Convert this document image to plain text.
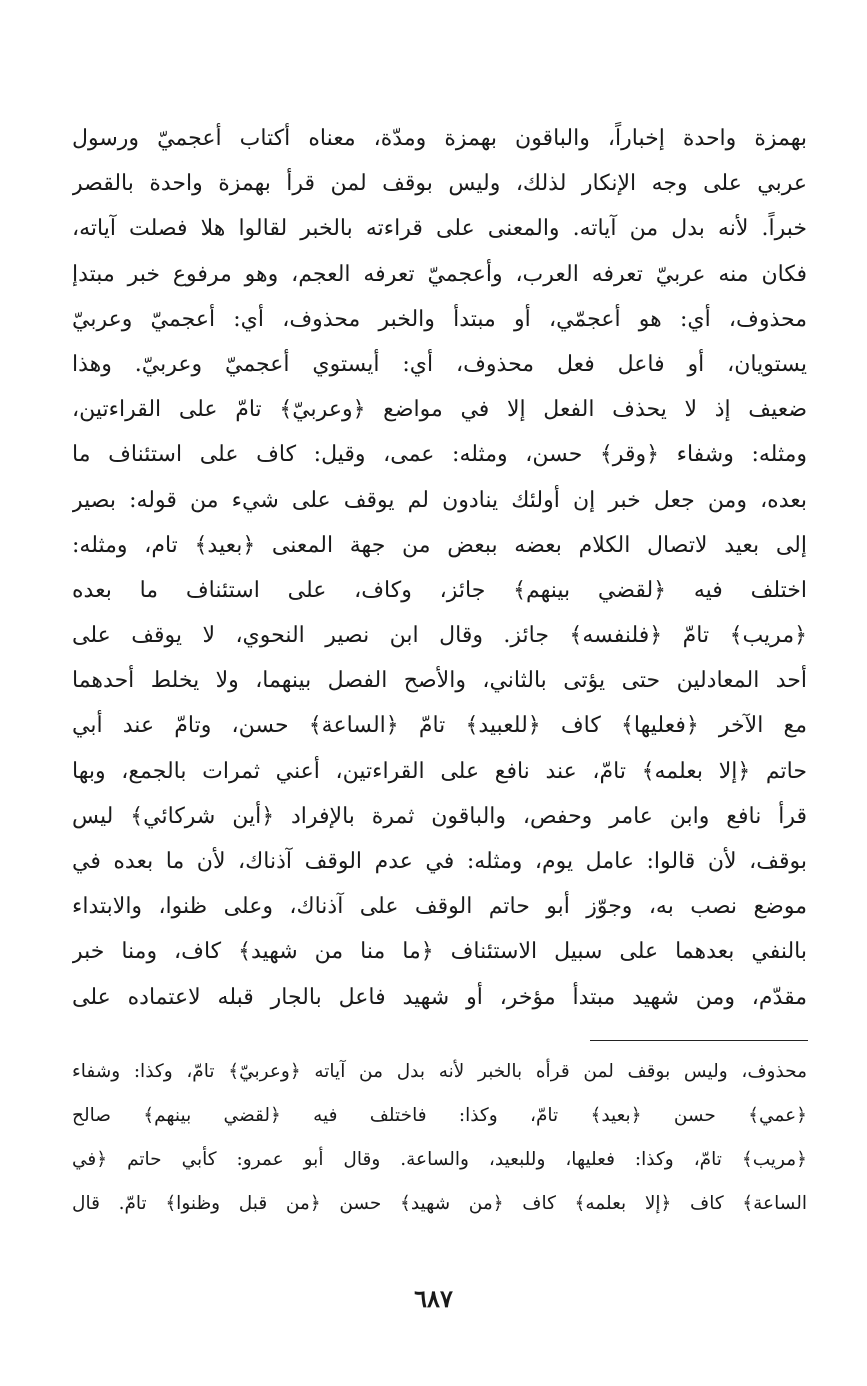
بهمزة واحدة إخباراً، والباقون بهمزة ومدّة، معناه أكتاب أعجميّ ورسول
عربي على وجه الإنكار لذلك، وليس بوقف لمن قرأ بهمزة واحدة بالقصر
خبراً. لأنه بدل من آياته. والمعنى على قراءته بالخبر لقالوا هلا فصلت آياته،
فكان منه عربيّ تعرفه العرب، وأعجميّ تعرفه العجم، وهو مرفوع خبر مبتدإ
محذوف، أي: هو أعجمّي، أو مبتدأ والخبر محذوف، أي: أعجميّ وعربيّ
يستويان، أو فاعل فعل محذوف، أي: أيستوي أعجميّ وعربيّ. وهذا
ضعيف إذ لا يحذف الفعل إلا في مواضع ﴿وعربيّ﴾ تامّ على القراءتين،
ومثله: وشفاء ﴿وقر﴾ حسن، ومثله: عمى، وقيل: كاف على استئناف ما
بعده، ومن جعل خبر إن أولئك ينادون لم يوقف على شيء من قوله: بصير
إلى بعيد لاتصال الكلام بعضه ببعض من جهة المعنى ﴿بعيد﴾ تام، ومثله:
اختلف فيه ﴿لقضي بينهم﴾ جائز، وكاف، على استئناف ما بعده
﴿مريب﴾ تامّ ﴿فلنفسه﴾ جائز. وقال ابن نصير النحوي، لا يوقف على
أحد المعادلين حتى يؤتى بالثاني، والأصح الفصل بينهما، ولا يخلط أحدهما
مع الآخر ﴿فعليها﴾ كاف ﴿للعبيد﴾ تامّ ﴿الساعة﴾ حسن، وتامّ عند أبي
حاتم ﴿إلا بعلمه﴾ تامّ، عند نافع على القراءتين، أعني ثمرات بالجمع، وبها
قرأ نافع وابن عامر وحفص، والباقون ثمرة بالإفراد ﴿أين شركائي﴾ ليس
بوقف، لأن قالوا: عامل يوم، ومثله: في عدم الوقف آذناك، لأن ما بعده في
موضع نصب به، وجوّز أبو حاتم الوقف على آذناك، وعلى ظنوا، والابتداء
بالنفي بعدهما على سبيل الاستئناف ﴿ما منا من شهيد﴾ كاف، ومنا خبر
مقدّم، ومن شهيد مبتدأ مؤخر، أو شهيد فاعل بالجار قبله لاعتماده على
محذوف، وليس بوقف لمن قرأه بالخبر لأنه بدل من آياته ﴿وعربيّ﴾ تامّ، وكذا: وشفاء
﴿عمي﴾ حسن ﴿بعيد﴾ تامّ، وكذا: فاختلف فيه ﴿لقضي بينهم﴾ صالح
﴿مريب﴾ تامّ، وكذا: فعليها، وللبعيد، والساعة. وقال أبو عمرو: كأبي حاتم ﴿في
الساعة﴾ كاف ﴿إلا بعلمه﴾ كاف ﴿من شهيد﴾ حسن ﴿من قبل وظنوا﴾ تامّ. قال
٦٨٧
